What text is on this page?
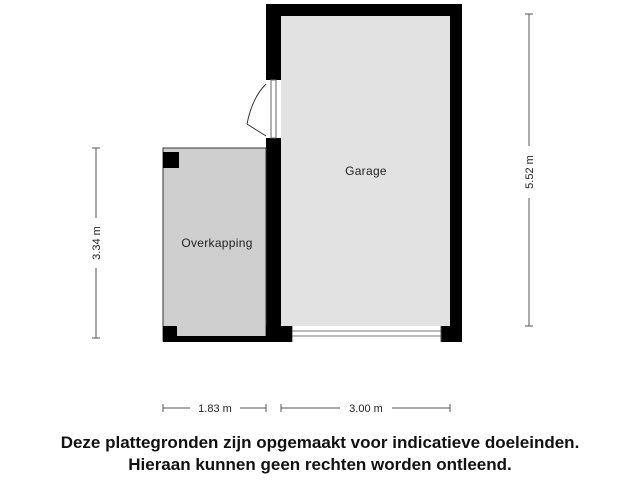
Garage
Overkapping
5.52 m
3.34 m
1.83 m	3.00 m
Deze plattegronden zijn opgemaakt voor indicatieve doeleinden.
Hieraan kunnen geen rechten worden ontleend.
